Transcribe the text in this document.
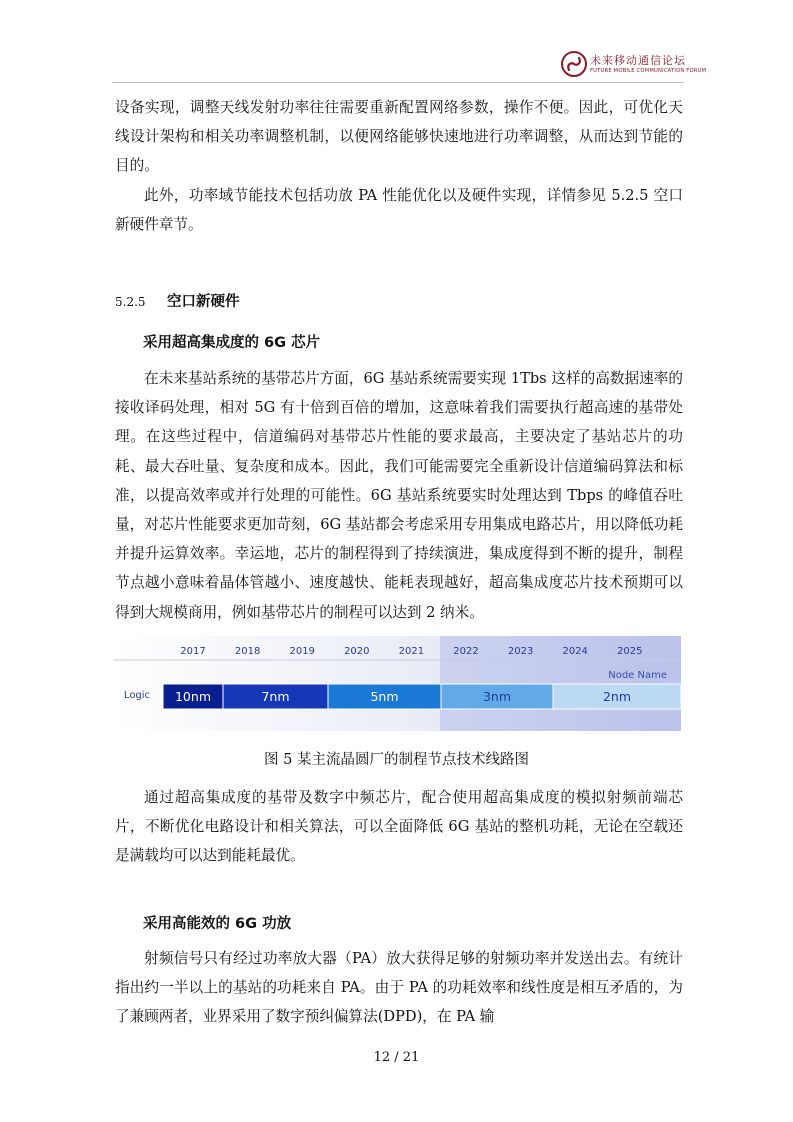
未来移动通信论坛
FUTURE MOBILE COMMUNICATION FORUM

设备实现，调整天线发射功率往往需要重新配置网络参数，操作不便。因此，可优化天线设计架构和相关功率调整机制，以便网络能够快速地进行功率调整，从而达到节能的目的。

此外，功率域节能技术包括功放 PA 性能优化以及硬件实现，详情参见 5.2.5 空口新硬件章节。

5.2.5 空口新硬件
采用超高集成度的 6G 芯片

在未来基站系统的基带芯片方面，6G 基站系统需要实现 1Tbs 这样的高数据速率的接收译码处理，相对 5G 有十倍到百倍的增加，这意味着我们需要执行超高速的基带处理。在这些过程中，信道编码对基带芯片性能的要求最高，主要决定了基站芯片的功耗、最大吞吐量、复杂度和成本。因此，我们可能需要完全重新设计信道编码算法和标准，以提高效率或并行处理的可能性。6G 基站系统要实时处理达到 Tbps 的峰值吞吐量，对芯片性能要求更加苛刻，6G 基站都会考虑采用专用集成电路芯片，用以降低功耗并提升运算效率。幸运地，芯片的制程得到了持续演进，集成度得到不断的提升，制程节点越小意味着晶体管越小、速度越快、能耗表现越好，超高集成度芯片技术预期可以得到大规模商用，例如基带芯片的制程可以达到 2 纳米。

2017	2018	2019	2020	2021	2022	2023	2024	2025
Node Name
Logic 10nm	7nm	5nm	3nm	2nm
图 5 某主流晶圆厂的制程节点技术线路图

通过超高集成度的基带及数字中频芯片，配合使用超高集成度的模拟射频前端芯片，不断优化电路设计和相关算法，可以全面降低 6G 基站的整机功耗，无论在空载还是满载均可以达到能耗最优。

采用高能效的 6G 功放

射频信号只有经过功率放大器（PA）放大获得足够的射频功率并发送出去。有统计指出约一半以上的基站的功耗来自 PA。由于 PA 的功耗效率和线性度是相互矛盾的，为了兼顾两者，业界采用了数字预纠偏算法(DPD)，在 PA 输

12 / 21
